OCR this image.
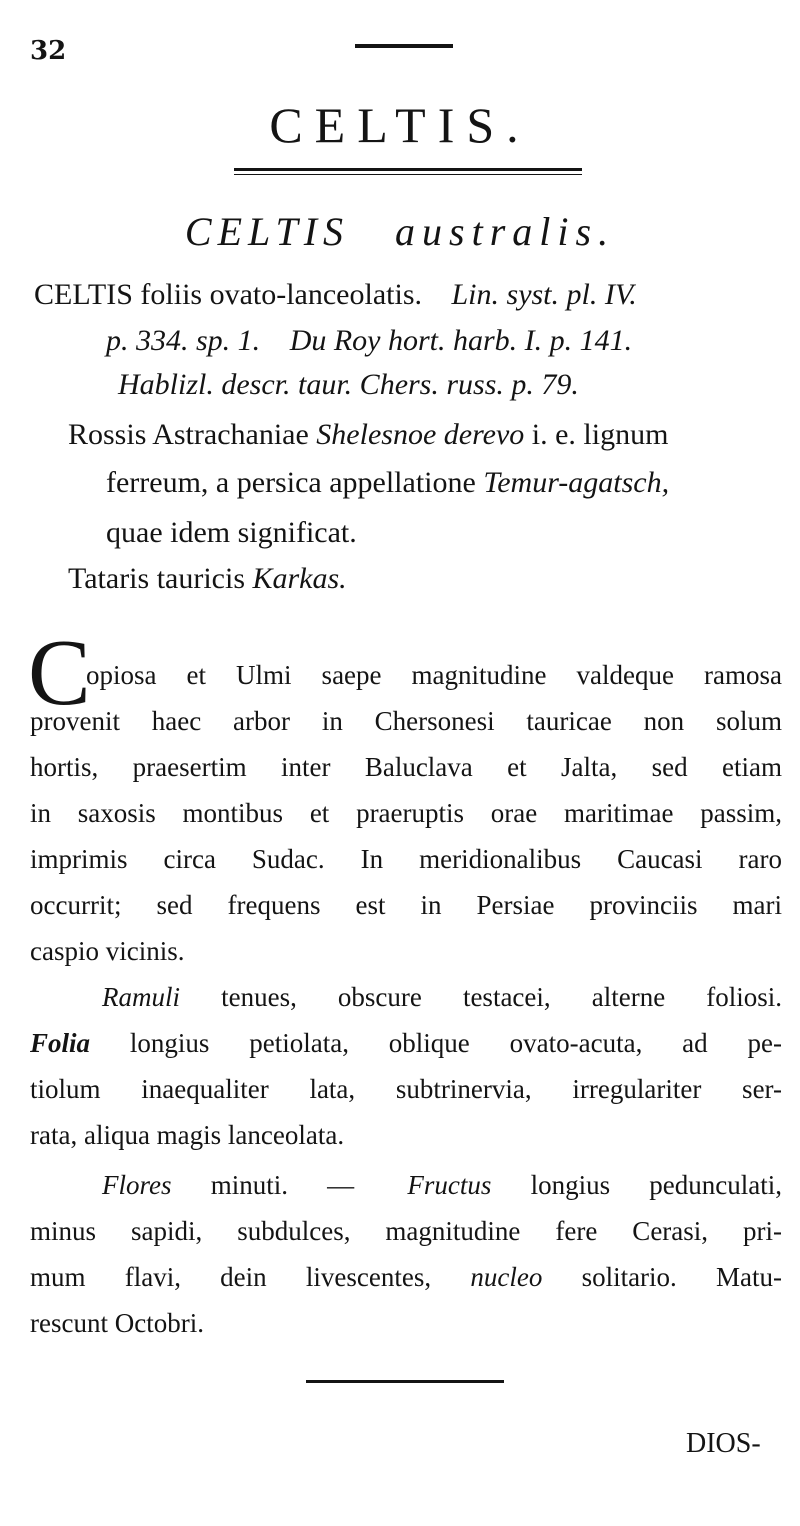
32
CELTIS.
CELTIS australis.
CELTIS foliis ovato-lanceolatis. Lin. syst. pl. IV.
p. 334. sp. 1. Du Roy hort. harb. I. p. 141.
Hablizl. descr. taur. Chers. russ. p. 79.
Rossis Astrachaniae Shelesnoe derevo i. e. lignum
ferreum, a persica appellatione Temur-agatsch,
quae idem significat.
Tataris tauricis Karkas.
C
opiosa et Ulmi saepe magnitudine valdeque ramosa
provenit haec arbor in Chersonesi tauricae non solum
hortis, praesertim inter Baluclava et Jalta, sed etiam
in saxosis montibus et praeruptis orae maritimae passim,
imprimis circa Sudac. In meridionalibus Caucasi raro
occurrit; sed frequens est in Persiae provinciis mari
caspio vicinis.
Ramuli tenues, obscure testacei, alterne foliosi.
Folia longius petiolata, oblique ovato-acuta, ad pe-
tiolum inaequaliter lata, subtrinervia, irregulariter ser-
rata, aliqua magis lanceolata.
Flores minuti. — Fructus longius pedunculati,
minus sapidi, subdulces, magnitudine fere Cerasi, pri-
mum flavi, dein livescentes, nucleo solitario. Matu-
rescunt Octobri.
DIOS-
